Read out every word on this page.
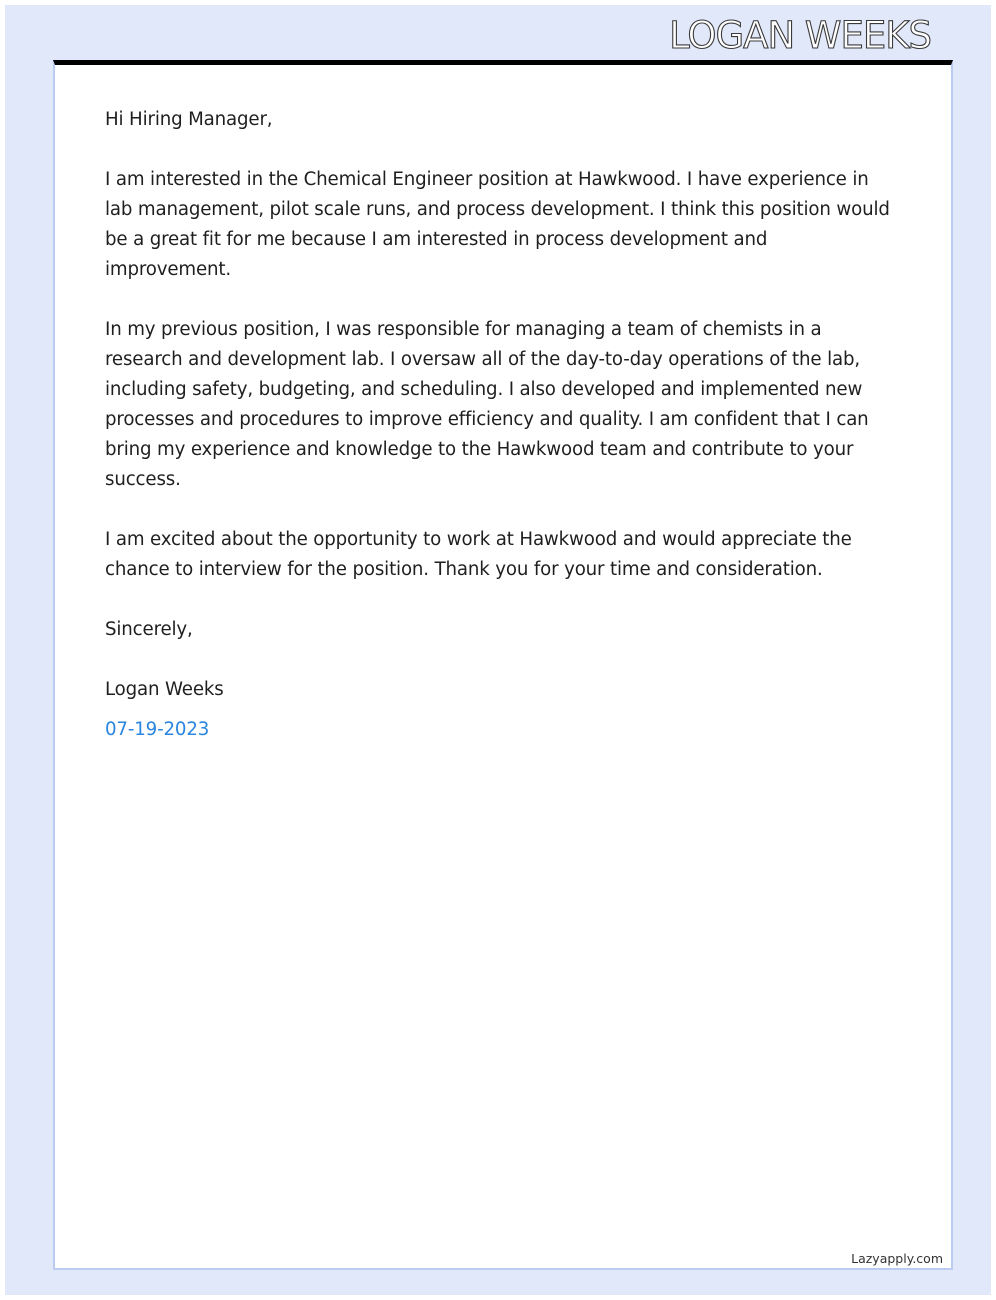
LOGAN WEEKS

Hi Hiring Manager,

I am interested in the Chemical Engineer position at Hawkwood. I have experience in lab management, pilot scale runs, and process development. I think this position would be a great fit for me because I am interested in process development and improvement.

In my previous position, I was responsible for managing a team of chemists in a research and development lab. I oversaw all of the day-to-day operations of the lab, including safety, budgeting, and scheduling. I also developed and implemented new processes and procedures to improve efficiency and quality. I am confident that I can bring my experience and knowledge to the Hawkwood team and contribute to your success.

I am excited about the opportunity to work at Hawkwood and would appreciate the chance to interview for the position. Thank you for your time and consideration.

Sincerely,

Logan Weeks

07-19-2023

Lazyapply.com
